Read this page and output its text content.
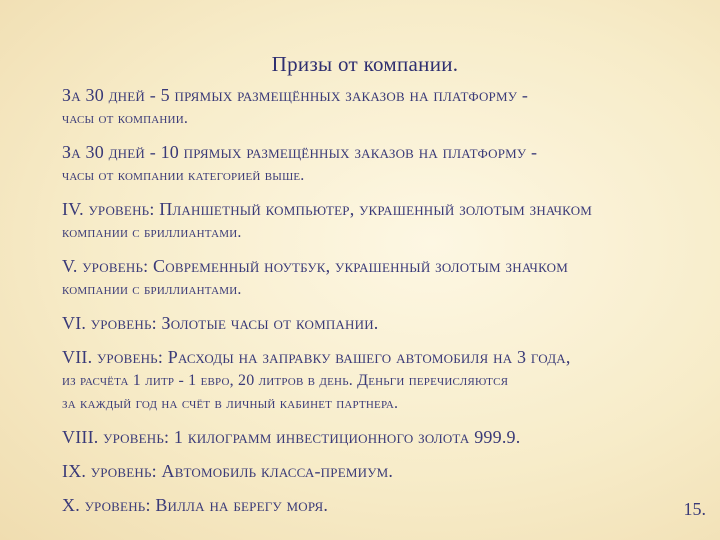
Призы от компании.

За 30 дней - 5 прямых размещённых заказов на платформу -
часы от компании.

За 30 дней - 10 прямых размещённых заказов на платформу -
часы от компании категорией выше.

IV. уровень: Планшетный компьютер, украшенный золотым значком
компании с бриллиантами.

V. уровень: Современный ноутбук, украшенный золотым значком
компании с бриллиантами.

VI. уровень: Золотые часы от компании.

VII. уровень: Расходы на заправку вашего автомобиля на 3 года,
из расчёта 1 литр - 1 евро, 20 литров в день. Деньги перечисляются
за каждый год на счёт в личный кабинет партнера.

VIII. уровень: 1 килограмм инвестиционного золота 999.9.

IX. уровень: Автомобиль класса-премиум.

X. уровень: Вилла на берегу моря.	15.
